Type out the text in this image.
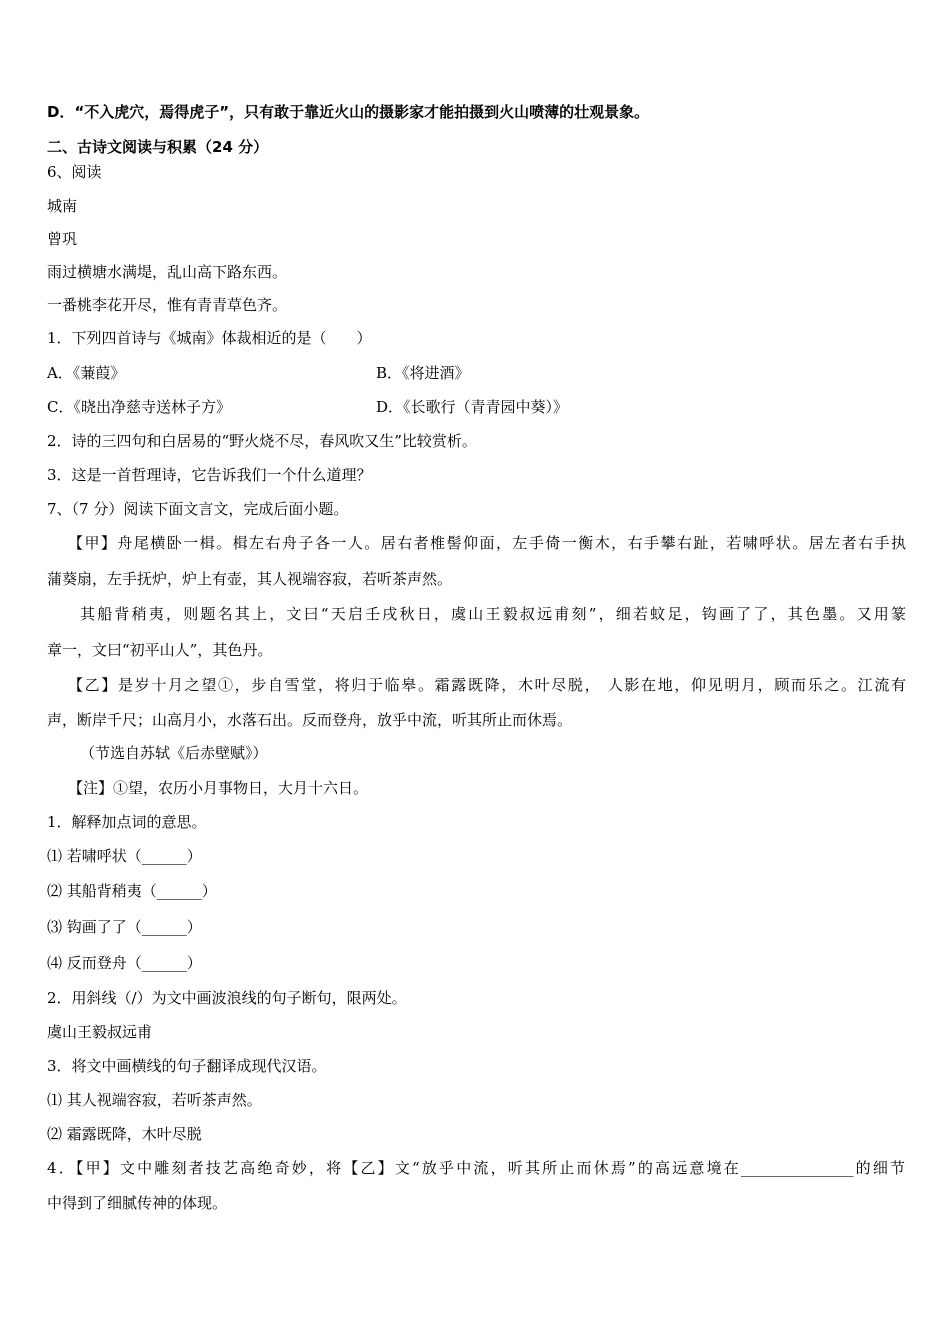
D．“不入虎穴，焉得虎子”，只有敢于靠近火山的摄影家才能拍摄到火山喷薄的壮观景象。
二、古诗文阅读与积累（24 分）
6、阅读
城南
曾巩
雨过横塘水满堤，乱山高下路东西。
一番桃李花开尽，惟有青青草色齐。
1．下列四首诗与《城南》体裁相近的是（　　）
A．《蒹葭》	B．《将进酒》
C．《晓出净慈寺送林子方》	D．《长歌行（青青园中葵）》
2．诗的三四句和白居易的“野火烧不尽，春风吹又生”比较赏析。
3．这是一首哲理诗，它告诉我们一个什么道理？
7、（7 分）阅读下面文言文，完成后面小题。
【甲】舟尾横卧一楫。楫左右舟子各一人。居右者椎髻仰面，左手倚一衡木，右手攀右趾，若啸呼状。居左者右手执
蒲葵扇，左手抚炉，炉上有壶，其人视端容寂，若听茶声然。
其船背稍夷，则题名其上，文曰“天启壬戌秋日，虞山王毅叔远甫刻”，细若蚊足，钩画了了，其色墨。又用篆
章一，文曰“初平山人”，其色丹。
【乙】是岁十月之望①，步自雪堂，将归于临皋。霜露既降，木叶尽脱， 人影在地，仰见明月，顾而乐之。江流有
声，断岸千尺；山高月小，水落石出。反而登舟，放乎中流，听其所止而休焉。
（节选自苏轼《后赤壁赋》）
【注】①望，农历小月事物日，大月十六日。
1．解释加点词的意思。
⑴ 若啸呼状（______）
⑵ 其船背稍夷（______）
⑶ 钩画了了（______）
⑷ 反而登舟（______）
2．用斜线（/）为文中画波浪线的句子断句，限两处。
虞山王毅叔远甫
3．将文中画横线的句子翻译成现代汉语。
⑴ 其人视端容寂，若听茶声然。
⑵ 霜露既降，木叶尽脱
4．【甲】文中雕刻者技艺高绝奇妙，将【乙】文“放乎中流，听其所止而休焉”的高远意境在_______________的细节
中得到了细腻传神的体现。
